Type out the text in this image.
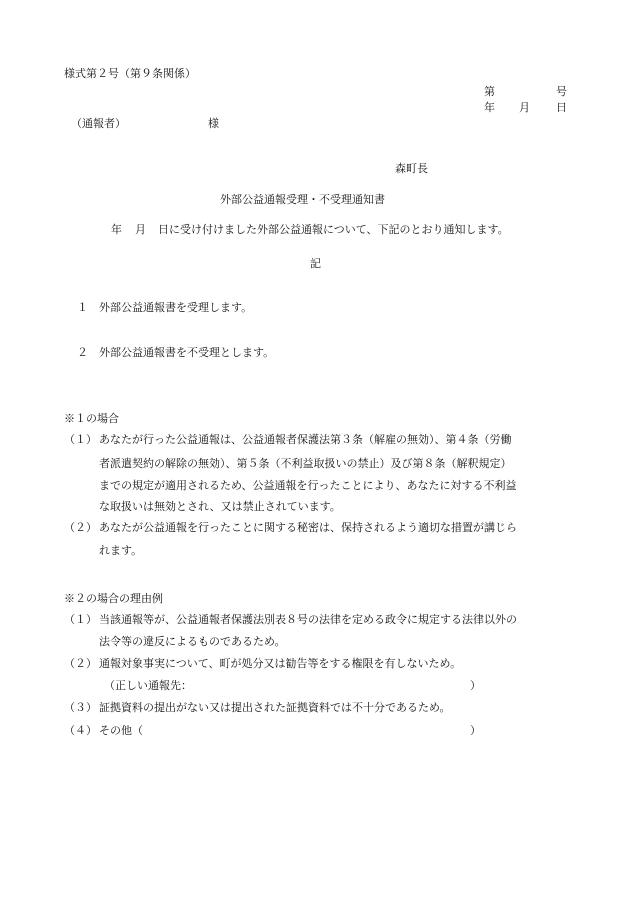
様式第２号（第９条関係）
第	号
年 月 日
（通報者）	様
森町長
外部公益通報受理・不受理通知書
年 月 日に受け付けました外部公益通報について、下記のとおり通知します。
記
１ 外部公益通報書を受理します。
２ 外部公益通報書を不受理とします。
※１の場合
（１） あなたが行った公益通報は、公益通報者保護法第３条（解雇の無効）、第４条（労働
者派遣契約の解除の無効）、第５条（不利益取扱いの禁止）及び第８条（解釈規定）
までの規定が適用されるため、公益通報を行ったことにより、あなたに対する不利益
な取扱いは無効とされ、又は禁止されています。
（２） あなたが公益通報を行ったことに関する秘密は、保持されるよう適切な措置が講じら
れます。
※２の場合の理由例
（１） 当該通報等が、公益通報者保護法別表８号の法律を定める政令に規定する法律以外の
法令等の違反によるものであるため。
（２） 通報対象事実について、町が処分又は勧告等をする権限を有しないため。
（正しい通報先：	）
（３） 証拠資料の提出がない又は提出された証拠資料では不十分であるため。
（４） その他（	）
